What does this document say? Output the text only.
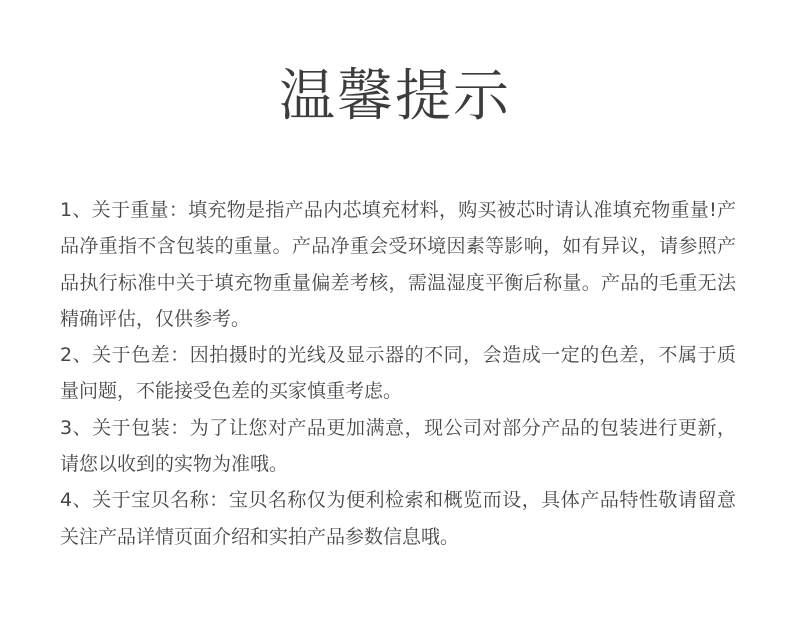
温馨提示

1、关于重量：填充物是指产品内芯填充材料，购买被芯时请认准填充物重量!产品净重指不含包装的重量。产品净重会受环境因素等影响，如有异议，请参照产品执行标准中关于填充物重量偏差考核，需温湿度平衡后称量。产品的毛重无法精确评估，仅供参考。

2、关于色差：因拍摄时的光线及显示器的不同，会造成一定的色差，不属于质量问题，不能接受色差的买家慎重考虑。

3、关于包装：为了让您对产品更加满意，现公司对部分产品的包装进行更新，请您以收到的实物为准哦。

4、关于宝贝名称：宝贝名称仅为便利检索和概览而设，具体产品特性敬请留意关注产品详情页面介绍和实拍产品参数信息哦。
